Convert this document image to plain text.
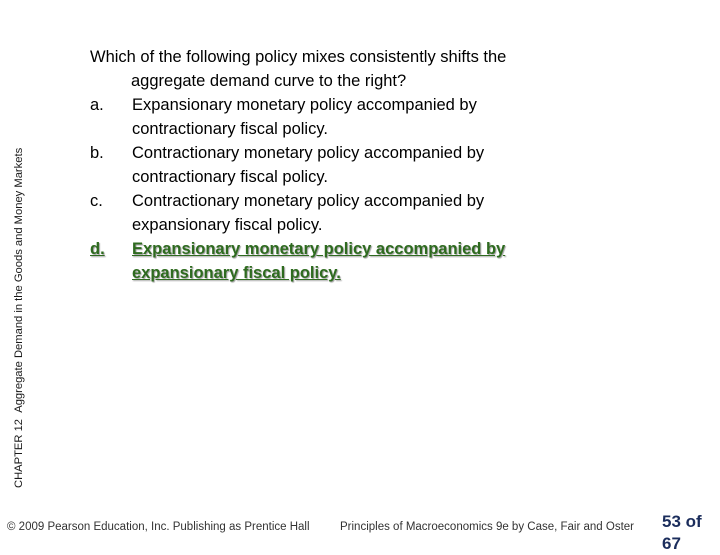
CHAPTER 12  Aggregate Demand in the Goods and Money Markets
Which of the following policy mixes consistently shifts the
aggregate demand curve to the right?
a.	Expansionary monetary policy accompanied by
contractionary fiscal policy.
b.	Contractionary monetary policy accompanied by
contractionary fiscal policy.
c.	Contractionary monetary policy accompanied by
expansionary fiscal policy.
d.	Expansionary monetary policy accompanied by
expansionary fiscal policy.
© 2009 Pearson Education, Inc. Publishing as Prentice Hall	Principles of Macroeconomics 9e by Case, Fair and Oster 53 of 67
